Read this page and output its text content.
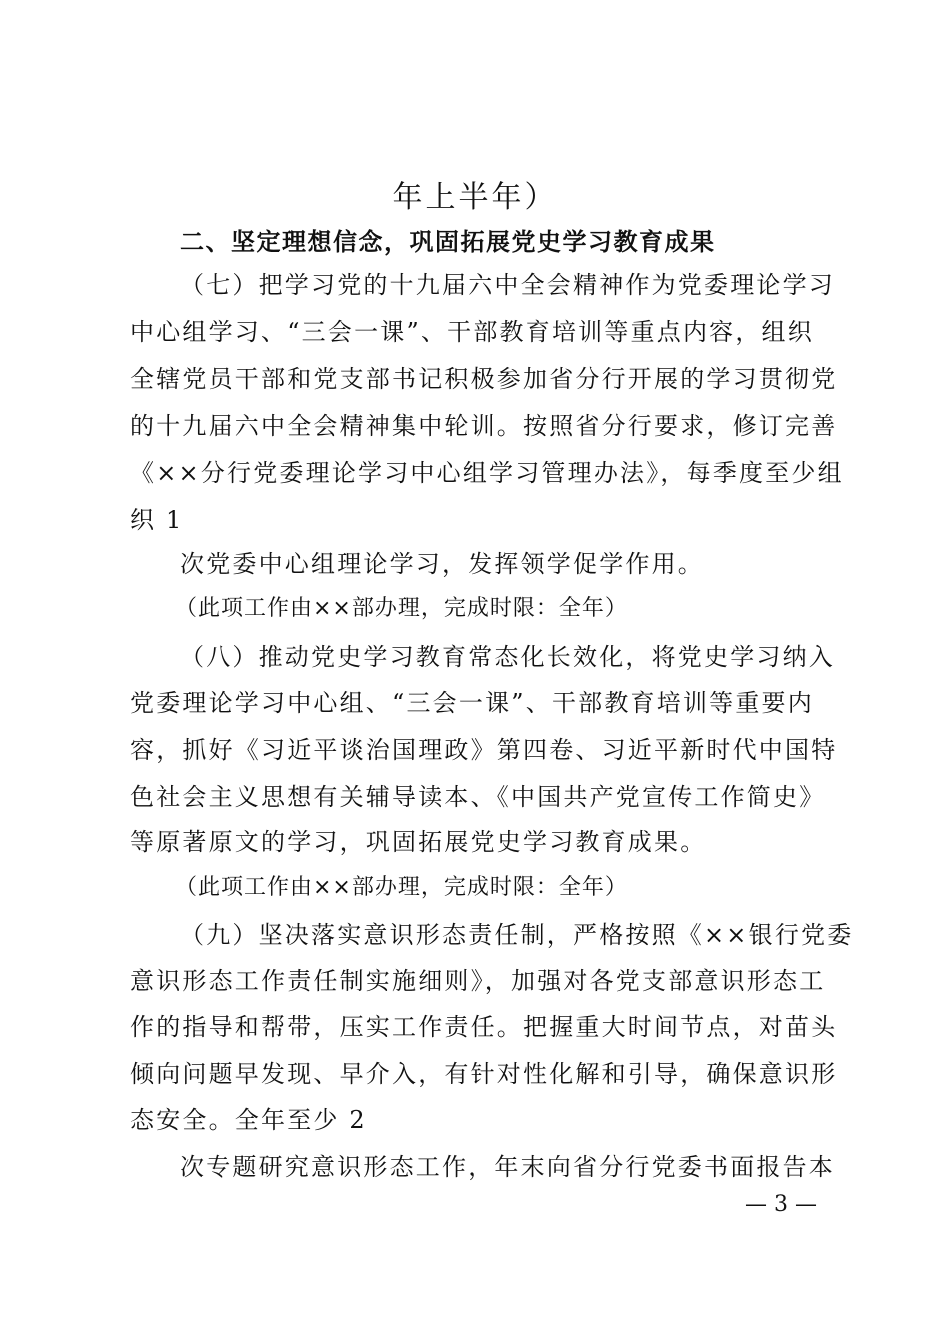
年上半年）
二、坚定理想信念，巩固拓展党史学习教育成果
（七）把学习党的十九届六中全会精神作为党委理论学习
中心组学习、“三会一课”、干部教育培训等重点内容，组织
全辖党员干部和党支部书记积极参加省分行开展的学习贯彻党
的十九届六中全会精神集中轮训。按照省分行要求，修订完善
《××分行党委理论学习中心组学习管理办法》，每季度至少组
织 1
次党委中心组理论学习，发挥领学促学作用。
（此项工作由××部办理，完成时限：全年）
（八）推动党史学习教育常态化长效化，将党史学习纳入
党委理论学习中心组、“三会一课”、干部教育培训等重要内
容，抓好《习近平谈治国理政》第四卷、习近平新时代中国特
色社会主义思想有关辅导读本、《中国共产党宣传工作简史》
等原著原文的学习，巩固拓展党史学习教育成果。
（此项工作由××部办理，完成时限：全年）
（九）坚决落实意识形态责任制，严格按照《××银行党委
意识形态工作责任制实施细则》，加强对各党支部意识形态工
作的指导和帮带，压实工作责任。把握重大时间节点，对苗头
倾向问题早发现、早介入，有针对性化解和引导，确保意识形
态安全。全年至少 2
次专题研究意识形态工作，年末向省分行党委书面报告本
— 3 —
